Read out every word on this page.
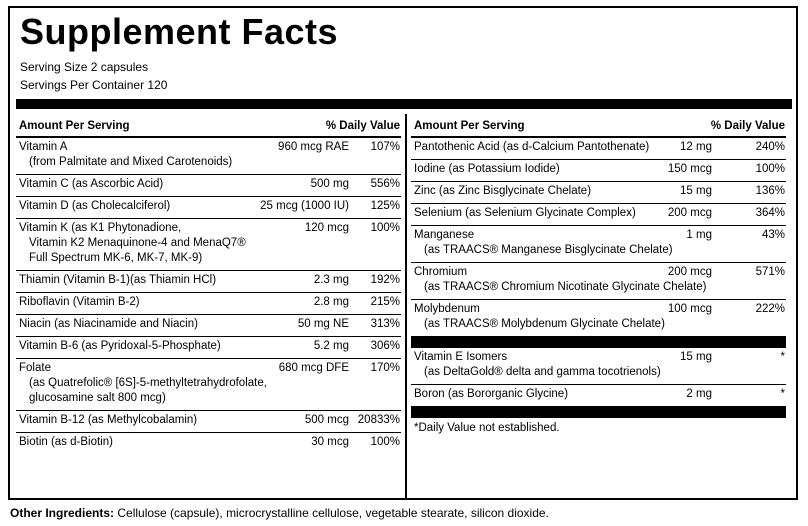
Supplement Facts
Serving Size 2 capsules
Servings Per Container 120
Amount Per Serving	% Daily Value
Vitamin A
(from Palmitate and Mixed Carotenoids)
960 mcg RAE 107%
Vitamin C (as Ascorbic Acid)	500 mg 556%
Vitamin D (as Cholecalciferol)	25 mcg (1000 IU) 125%
Vitamin K (as K1 Phytonadione,
Vitamin K2 Menaquinone-4 and MenaQ7®
Full Spectrum MK-6, MK-7, MK-9)
120 mcg 100%
Thiamin (Vitamin B-1)(as Thiamin HCl)	2.3 mg 192%
Riboflavin (Vitamin B-2)	2.8 mg 215%
Niacin (as Niacinamide and Niacin)	50 mg NE 313%
Vitamin B-6 (as Pyridoxal-5-Phosphate)	5.2 mg 306%
Folate
(as Quatrefolic® [6S]-5-methyltetrahydrofolate,
glucosamine salt 800 mcg)
680 mcg DFE 170%
Vitamin B-12 (as Methylcobalamin)	500 mcg 20833%
Biotin (as d-Biotin)	30 mcg 100%
Amount Per Serving	% Daily Value
Pantothenic Acid (as d-Calcium Pantothenate)	12 mg	240%
Iodine (as Potassium Iodide)	150 mcg	100%
Zinc (as Zinc Bisglycinate Chelate)	15 mg	136%
Selenium (as Selenium Glycinate Complex)	200 mcg	364%
Manganese
(as TRAACS® Manganese Bisglycinate Chelate)
1 mg	43%
Chromium
(as TRAACS® Chromium Nicotinate Glycinate Chelate)
200 mcg	571%
Molybdenum
(as TRAACS® Molybdenum Glycinate Chelate)
100 mcg	222%
Vitamin E Isomers
(as DeltaGold® delta and gamma tocotrienols)
15 mg	*
Boron (as Bororganic Glycine)	2 mg	*
*Daily Value not established.
Other Ingredients: Cellulose (capsule), microcrystalline cellulose, vegetable stearate, silicon dioxide.
